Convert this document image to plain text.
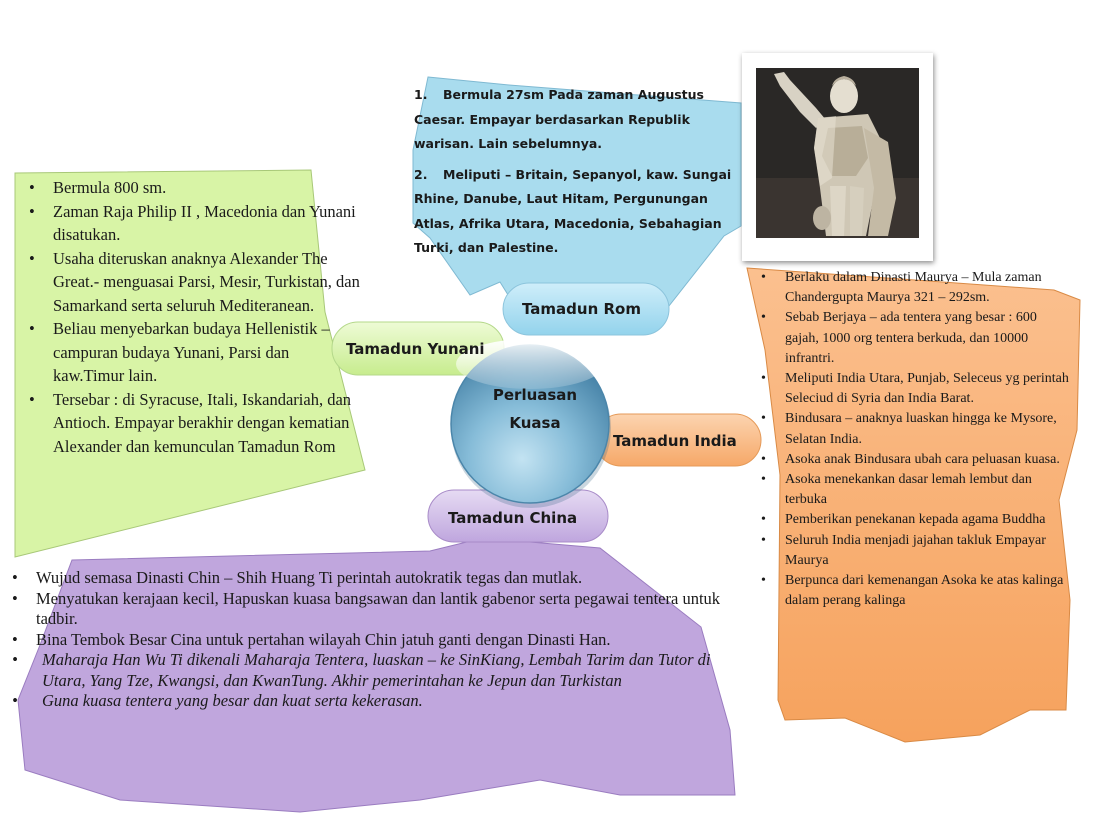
1. Bermula 27sm Pada zaman Augustus Caesar. Empayar berdasarkan Republik warisan. Lain sebelumnya.

2. Meliputi – Britain, Sepanyol, kaw. Sungai Rhine, Danube, Laut Hitam, Pergunungan Atlas, Afrika Utara, Macedonia, Sebahagian Turki, dan Palestine.

• Bermula 800 sm.
• Zaman Raja Philip II , Macedonia dan Yunani disatukan.
• Usaha diteruskan anaknya Alexander The Great.- menguasai Parsi, Mesir, Turkistan, dan Samarkand serta seluruh Mediteranean.
• Beliau menyebarkan budaya Hellenistik – campuran budaya Yunani, Parsi dan kaw.Timur lain.
• Tersebar : di Syracuse, Itali, Iskandariah, dan Antioch. Empayar berakhir dengan kematian Alexander dan kemunculan Tamadun Rom
• Berlaku dalam Dinasti Maurya – Mula zaman Chandergupta Maurya 321 – 292sm.
• Sebab Berjaya – ada tentera yang besar : 600 gajah, 1000 org tentera berkuda, dan 10000 infrantri.
• Meliputi India Utara, Punjab, Seleceus yg perintah Seleciud di Syria dan India Barat.
• Bindusara – anaknya luaskan hingga ke Mysore, Selatan India.
• Asoka anak Bindusara ubah cara peluasan kuasa.
• Asoka menekankan dasar lemah lembut dan terbuka
• Pemberikan penekanan kepada agama Buddha
• Seluruh India menjadi jajahan takluk Empayar Maurya
• Berpunca dari kemenangan Asoka ke atas kalinga dalam perang kalinga
• Wujud semasa Dinasti Chin – Shih Huang Ti perintah autokratik tegas dan mutlak.
• Menyatukan kerajaan kecil, Hapuskan kuasa bangsawan dan lantik gabenor serta pegawai tentera untuk tadbir.
• Bina Tembok Besar Cina untuk pertahan wilayah Chin jatuh ganti dengan Dinasti Han.
• Maharaja Han Wu Ti dikenali Maharaja Tentera, luaskan – ke SinKiang, Lembah Tarim dan Tutor di Utara, Yang Tze, Kwangsi, dan KwanTung. Akhir pemerintahan ke Jepun dan Turkistan
• Guna kuasa tentera yang besar dan kuat serta kekerasan.
Tamadun Yunani
Tamadun Rom
Tamadun India
Tamadun China
Perluasan
Kuasa
